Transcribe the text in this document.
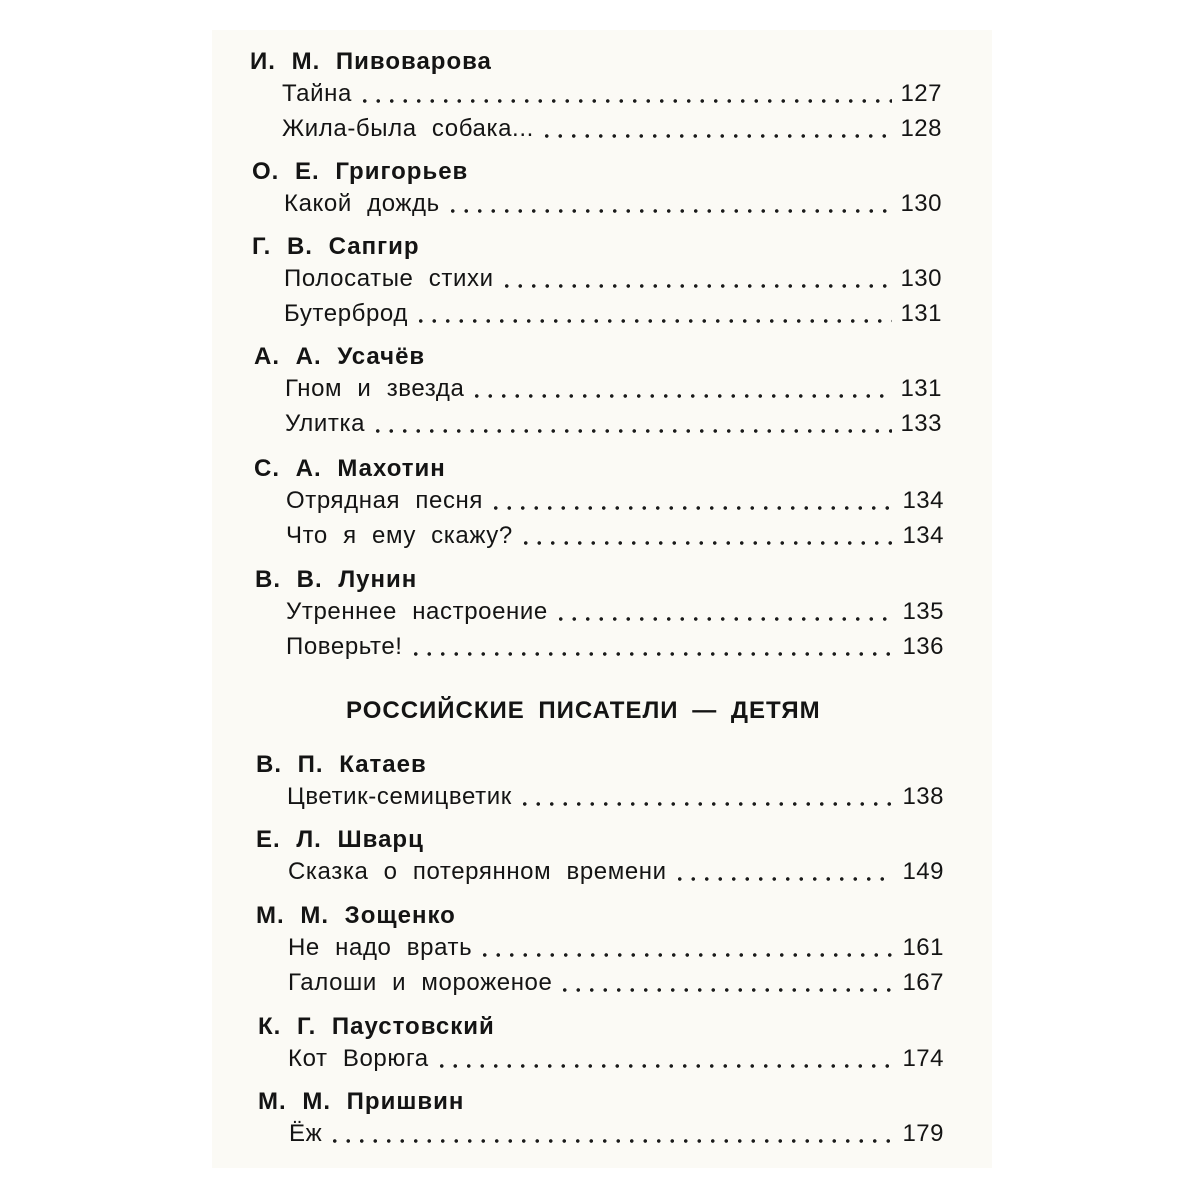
И. М. Пивоварова
Тайна	127
Жила-была собака...	128
О. Е. Григорьев
Какой дождь	130
Г. В. Сапгир
Полосатые стихи	130
Бутерброд	131
А. А. Усачёв
Гном и звезда	131
Улитка	133
С. А. Махотин
Отрядная песня	134
Что я ему скажу?	134
В. В. Лунин
Утреннее настроение	135
Поверьте!	136
РОССИЙСКИЕ ПИСАТЕЛИ — ДЕТЯМ
В. П. Катаев
Цветик-семицветик	138
Е. Л. Шварц
Сказка о потерянном времени	149
М. М. Зощенко
Не надо врать	161
Галоши и мороженое	167
К. Г. Паустовский
Кот Ворюга	174
М. М. Пришвин
Ёж	179
